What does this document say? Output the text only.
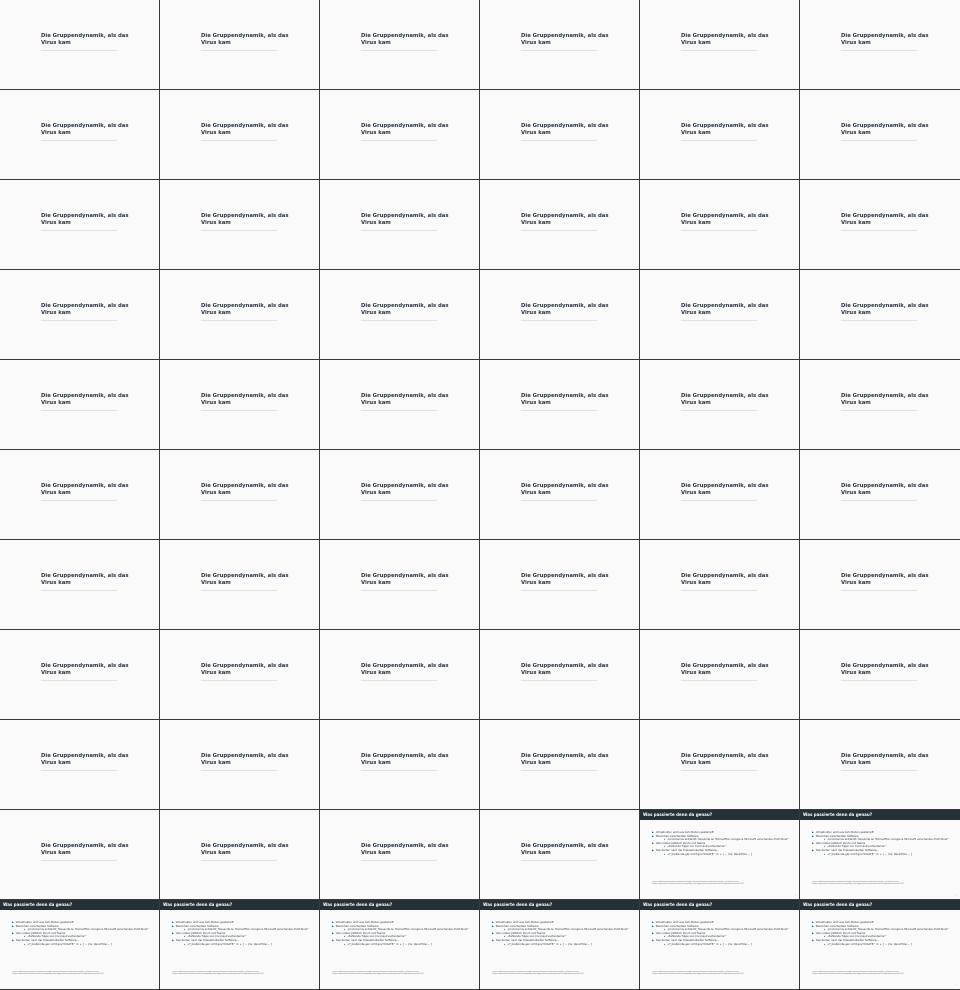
Die Gruppendynamik, als das Virus kam
Die Gruppendynamik, als das Virus kam
Die Gruppendynamik, als das Virus kam
Die Gruppendynamik, als das Virus kam
Die Gruppendynamik, als das Virus kam
Die Gruppendynamik, als das Virus kam
Die Gruppendynamik, als das Virus kam
Die Gruppendynamik, als das Virus kam
Die Gruppendynamik, als das Virus kam
Die Gruppendynamik, als das Virus kam
Die Gruppendynamik, als das Virus kam
Die Gruppendynamik, als das Virus kam
Die Gruppendynamik, als das Virus kam
Die Gruppendynamik, als das Virus kam
Die Gruppendynamik, als das Virus kam
Die Gruppendynamik, als das Virus kam
Die Gruppendynamik, als das Virus kam
Die Gruppendynamik, als das Virus kam
Die Gruppendynamik, als das Virus kam
Die Gruppendynamik, als das Virus kam
Die Gruppendynamik, als das Virus kam
Die Gruppendynamik, als das Virus kam
Die Gruppendynamik, als das Virus kam
Die Gruppendynamik, als das Virus kam
Die Gruppendynamik, als das Virus kam
Die Gruppendynamik, als das Virus kam
Die Gruppendynamik, als das Virus kam
Die Gruppendynamik, als das Virus kam
Die Gruppendynamik, als das Virus kam
Die Gruppendynamik, als das Virus kam
Die Gruppendynamik, als das Virus kam
Die Gruppendynamik, als das Virus kam
Die Gruppendynamik, als das Virus kam
Die Gruppendynamik, als das Virus kam
Die Gruppendynamik, als das Virus kam
Die Gruppendynamik, als das Virus kam
Die Gruppendynamik, als das Virus kam
Die Gruppendynamik, als das Virus kam
Die Gruppendynamik, als das Virus kam
Die Gruppendynamik, als das Virus kam
Die Gruppendynamik, als das Virus kam
Die Gruppendynamik, als das Virus kam
Die Gruppendynamik, als das Virus kam
Die Gruppendynamik, als das Virus kam
Die Gruppendynamik, als das Virus kam
Die Gruppendynamik, als das Virus kam
Die Gruppendynamik, als das Virus kam
Die Gruppendynamik, als das Virus kam
Die Gruppendynamik, als das Virus kam
Die Gruppendynamik, als das Virus kam
Die Gruppendynamik, als das Virus kam
Die Gruppendynamik, als das Virus kam
Die Gruppendynamik, als das Virus kam
Die Gruppendynamik, als das Virus kam
Die Gruppendynamik, als das Virus kam
Die Gruppendynamik, als das Virus kam
Die Gruppendynamik, als das Virus kam
Die Gruppendynamik, als das Virus kam
Was passierte denn da genau?
▶ Infrastruktur wird aus dem Boden gestampft
▶ Menschen verschenken Software
▸ „Coronavirus entdeckt: Tausende an Homeoffice: Google & Microsoft verschenken Profi-Tools“¹
▶ Alle nutzen plötzlich Zoom und Teams
▸ „Zahlende Tippe von Coronavirus-Pandemie“²
▶ Das Surfen nach der Kreissimulierten Software…
▸ „rf_kreiternte.ger nicht.gov?COLLTE.“ rk + [ … Uni: ReneTime … ]
¹https://www.chip.de/news/Coronavirus-Google-und-Microsoft-verschenken-Profi-Tools_182066189.html
²https://www.tu-berlin.de/uni/mit-corona-quality-strategy-profile-sections-deutschland-pandemie-zoom/2020
1
Was passierte denn da genau?
▶ Infrastruktur wird aus dem Boden gestampft
▶ Menschen verschenken Software
▸ „Coronavirus entdeckt: Tausende an Homeoffice: Google & Microsoft verschenken Profi-Tools“¹
▶ Alle nutzen plötzlich Zoom und Teams
▸ „Zahlende Tippe von Coronavirus-Pandemie“²
▶ Das Surfen nach der Kreissimulierten Software…
▸ „rf_kreiternte.ger nicht.gov?COLLTE.“ rk + [ … Uni: ReneTime … ]
¹https://www.chip.de/news/Coronavirus-Google-und-Microsoft-verschenken-Profi-Tools_182066189.html
²https://www.tu-berlin.de/uni/mit-corona-quality-strategy-profile-sections-deutschland-pandemie-zoom/2020
1
Was passierte denn da genau?
▶ Infrastruktur wird aus dem Boden gestampft
▶ Menschen verschenken Software
▸ „Coronavirus entdeckt: Tausende an Homeoffice: Google & Microsoft verschenken Profi-Tools“¹
▶ Alle nutzen plötzlich Zoom und Teams
▸ „Zahlende Tippe von Coronavirus-Pandemie“²
▶ Das Surfen nach der Kreissimulierten Software…
▸ „rf_kreiternte.ger nicht.gov?COLLTE.“ rk + [ … Uni: ReneTime … ]
¹https://www.chip.de/news/Coronavirus-Google-und-Microsoft-verschenken-Profi-Tools_182066189.html
²https://www.tu-berlin.de/uni/mit-corona-quality-strategy-profile-sections-deutschland-pandemie-zoom/2020
1
Was passierte denn da genau?
▶ Infrastruktur wird aus dem Boden gestampft
▶ Menschen verschenken Software
▸ „Coronavirus entdeckt: Tausende an Homeoffice: Google & Microsoft verschenken Profi-Tools“¹
▶ Alle nutzen plötzlich Zoom und Teams
▸ „Zahlende Tippe von Coronavirus-Pandemie“²
▶ Das Surfen nach der Kreissimulierten Software…
▸ „rf_kreiternte.ger nicht.gov?COLLTE.“ rk + [ … Uni: ReneTime … ]
¹https://www.chip.de/news/Coronavirus-Google-und-Microsoft-verschenken-Profi-Tools_182066189.html
²https://www.tu-berlin.de/uni/mit-corona-quality-strategy-profile-sections-deutschland-pandemie-zoom/2020
1
Was passierte denn da genau?
▶ Infrastruktur wird aus dem Boden gestampft
▶ Menschen verschenken Software
▸ „Coronavirus entdeckt: Tausende an Homeoffice: Google & Microsoft verschenken Profi-Tools“¹
▶ Alle nutzen plötzlich Zoom und Teams
▸ „Zahlende Tippe von Coronavirus-Pandemie“²
▶ Das Surfen nach der Kreissimulierten Software…
▸ „rf_kreiternte.ger nicht.gov?COLLTE.“ rk + [ … Uni: ReneTime … ]
¹https://www.chip.de/news/Coronavirus-Google-und-Microsoft-verschenken-Profi-Tools_182066189.html
²https://www.tu-berlin.de/uni/mit-corona-quality-strategy-profile-sections-deutschland-pandemie-zoom/2020
1
Was passierte denn da genau?
▶ Infrastruktur wird aus dem Boden gestampft
▶ Menschen verschenken Software
▸ „Coronavirus entdeckt: Tausende an Homeoffice: Google & Microsoft verschenken Profi-Tools“¹
▶ Alle nutzen plötzlich Zoom und Teams
▸ „Zahlende Tippe von Coronavirus-Pandemie“²
▶ Das Surfen nach der Kreissimulierten Software…
▸ „rf_kreiternte.ger nicht.gov?COLLTE.“ rk + [ … Uni: ReneTime … ]
¹https://www.chip.de/news/Coronavirus-Google-und-Microsoft-verschenken-Profi-Tools_182066189.html
²https://www.tu-berlin.de/uni/mit-corona-quality-strategy-profile-sections-deutschland-pandemie-zoom/2020
1
Was passierte denn da genau?
▶ Infrastruktur wird aus dem Boden gestampft
▶ Menschen verschenken Software
▸ „Coronavirus entdeckt: Tausende an Homeoffice: Google & Microsoft verschenken Profi-Tools“¹
▶ Alle nutzen plötzlich Zoom und Teams
▸ „Zahlende Tippe von Coronavirus-Pandemie“²
▶ Das Surfen nach der Kreissimulierten Software…
▸ „rf_kreiternte.ger nicht.gov?COLLTE.“ rk + [ … Uni: ReneTime … ]
¹https://www.chip.de/news/Coronavirus-Google-und-Microsoft-verschenken-Profi-Tools_182066189.html
²https://www.tu-berlin.de/uni/mit-corona-quality-strategy-profile-sections-deutschland-pandemie-zoom/2020
1
Was passierte denn da genau?
▶ Infrastruktur wird aus dem Boden gestampft
▶ Menschen verschenken Software
▸ „Coronavirus entdeckt: Tausende an Homeoffice: Google & Microsoft verschenken Profi-Tools“¹
▶ Alle nutzen plötzlich Zoom und Teams
▸ „Zahlende Tippe von Coronavirus-Pandemie“²
▶ Das Surfen nach der Kreissimulierten Software…
▸ „rf_kreiternte.ger nicht.gov?COLLTE.“ rk + [ … Uni: ReneTime … ]
¹https://www.chip.de/news/Coronavirus-Google-und-Microsoft-verschenken-Profi-Tools_182066189.html
²https://www.tu-berlin.de/uni/mit-corona-quality-strategy-profile-sections-deutschland-pandemie-zoom/2020
1
